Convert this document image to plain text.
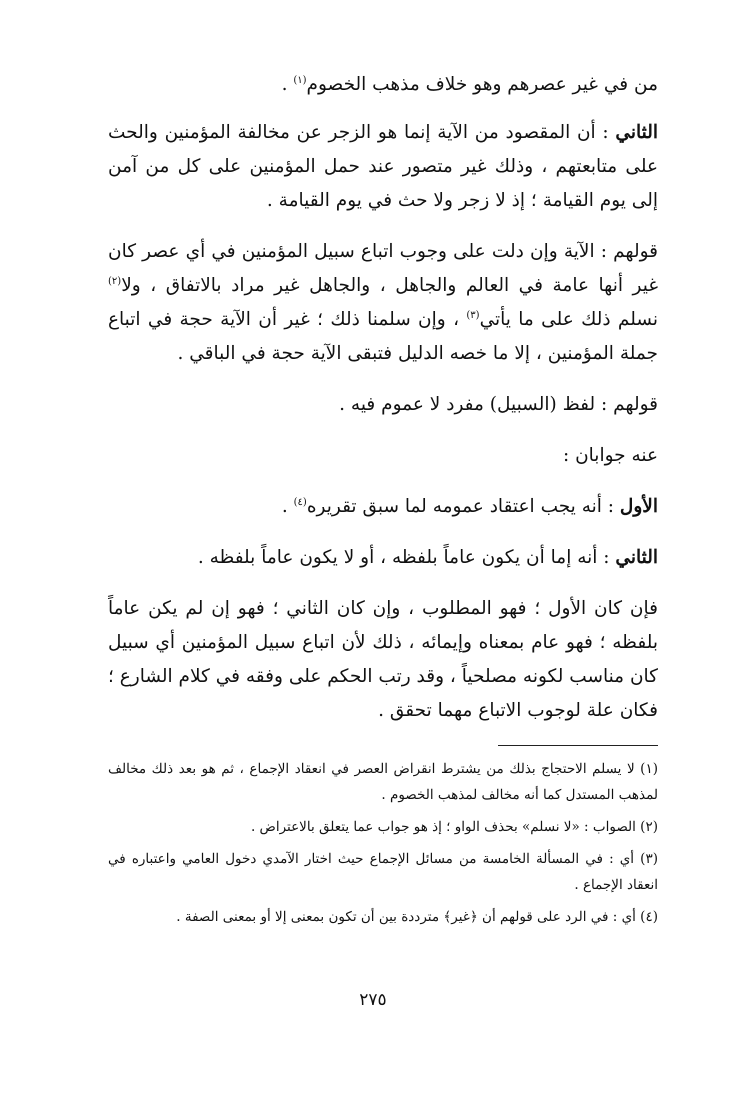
من في غير عصرهم وهو خلاف مذهب الخصوم$^{(١)}$ .

الثاني : أن المقصود من الآية إنما هو الزجر عن مخالفة المؤمنين والحث على متابعتهم ، وذلك غير متصور عند حمل المؤمنين على كل من آمن إلى يوم القيامة ؛ إذ لا زجر ولا حث في يوم القيامة .

قولهم : الآية وإن دلت على وجوب اتباع سبيل المؤمنين في أي عصر كان غير أنها عامة في العالم والجاهل ، والجاهل غير مراد بالاتفاق ، ولا$^{(٢)}$ نسلم ذلك على ما يأتي$^{(٣)}$ ، وإن سلمنا ذلك ؛ غير أن الآية حجة في اتباع جملة المؤمنين ، إلا ما خصه الدليل فتبقى الآية حجة في الباقي .

قولهم : لفظ (السبيل) مفرد لا عموم فيه .

عنه جوابان :

الأول : أنه يجب اعتقاد عمومه لما سبق تقريره$^{(٤)}$ .

الثاني : أنه إما أن يكون عاماً بلفظه ، أو لا يكون عاماً بلفظه .

فإن كان الأول ؛ فهو المطلوب ، وإن كان الثاني ؛ فهو إن لم يكن عاماً بلفظه ؛ فهو عام بمعناه وإيمائه ، ذلك لأن اتباع سبيل المؤمنين أي سبيل كان مناسب لكونه مصلحياً ، وقد رتب الحكم على وفقه في كلام الشارع ؛ فكان علة لوجوب الاتباع مهما تحقق .

(١) لا يسلم الاحتجاج بذلك من يشترط انقراض العصر في انعقاد الإجماع ، ثم هو بعد ذلك مخالف لمذهب المستدل كما أنه مخالف لمذهب الخصوم .

(٢) الصواب : «لا نسلم» بحذف الواو ؛ إذ هو جواب عما يتعلق بالاعتراض .

(٣) أي : في المسألة الخامسة من مسائل الإجماع حيث اختار الآمدي دخول العامي واعتباره في انعقاد الإجماع .

(٤) أي : في الرد على قولهم أن ﴿غير﴾ مترددة بين أن تكون بمعنى إلا أو بمعنى الصفة .

٢٧٥
